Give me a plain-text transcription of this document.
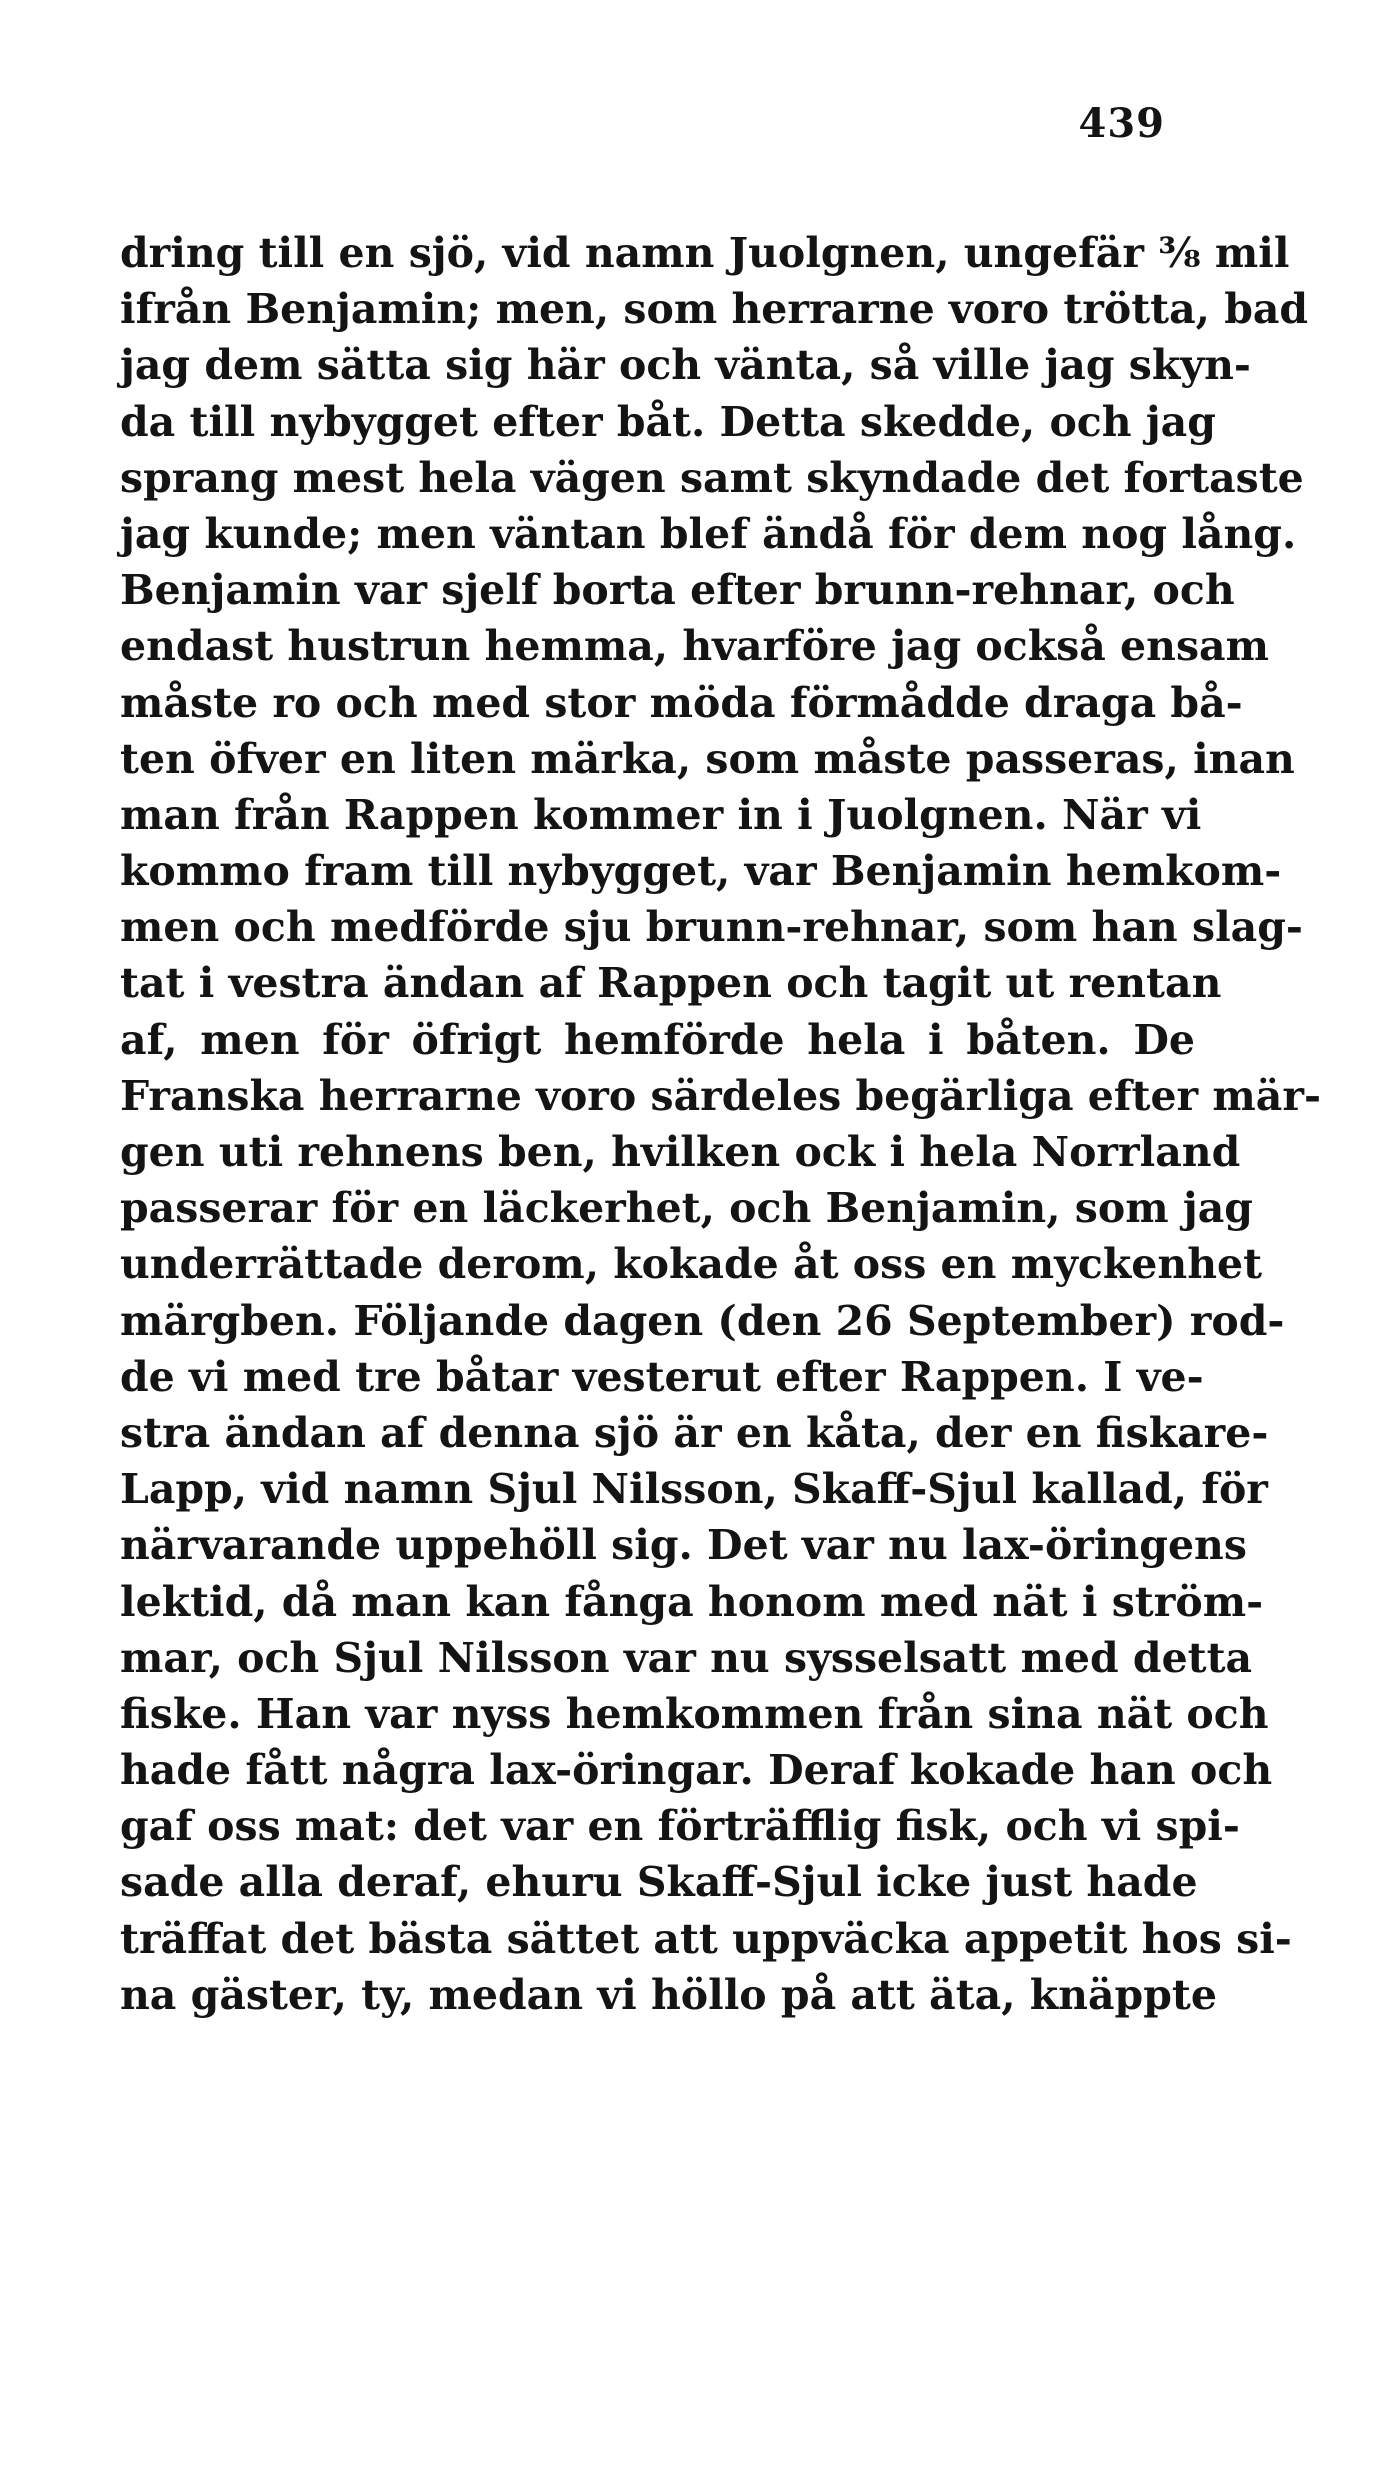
439
dring till en sjö, vid namn Juolgnen, ungefär ⅜ mil
ifrån Benjamin; men, som herrarne voro trötta, bad
jag dem sätta sig här och vänta, så ville jag skyn-
da till nybygget efter båt. Detta skedde, och jag
sprang mest hela vägen samt skyndade det fortaste
jag kunde; men väntan blef ändå för dem nog lång.
Benjamin var sjelf borta efter brunn-rehnar, och
endast hustrun hemma, hvarföre jag också ensam
måste ro och med stor möda förmådde draga bå-
ten öfver en liten märka, som måste passeras, inan
man från Rappen kommer in i Juolgnen. När vi
kommo fram till nybygget, var Benjamin hemkom-
men och medförde sju brunn-rehnar, som han slag-
tat i vestra ändan af Rappen och tagit ut rentan
af, men för öfrigt hemförde hela i båten. De
Franska herrarne voro särdeles begärliga efter mär-
gen uti rehnens ben, hvilken ock i hela Norrland
passerar för en läckerhet, och Benjamin, som jag
underrättade derom, kokade åt oss en myckenhet
märgben. Följande dagen (den 26 September) rod-
de vi med tre båtar vesterut efter Rappen. I ve-
stra ändan af denna sjö är en kåta, der en fiskare-
Lapp, vid namn Sjul Nilsson, Skaff-Sjul kallad, för
närvarande uppehöll sig. Det var nu lax-öringens
lektid, då man kan fånga honom med nät i ström-
mar, och Sjul Nilsson var nu sysselsatt med detta
fiske. Han var nyss hemkommen från sina nät och
hade fått några lax-öringar. Deraf kokade han och
gaf oss mat: det var en förträfflig fisk, och vi spi-
sade alla deraf, ehuru Skaff-Sjul icke just hade
träffat det bästa sättet att uppväcka appetit hos si-
na gäster, ty, medan vi höllo på att äta, knäppte
